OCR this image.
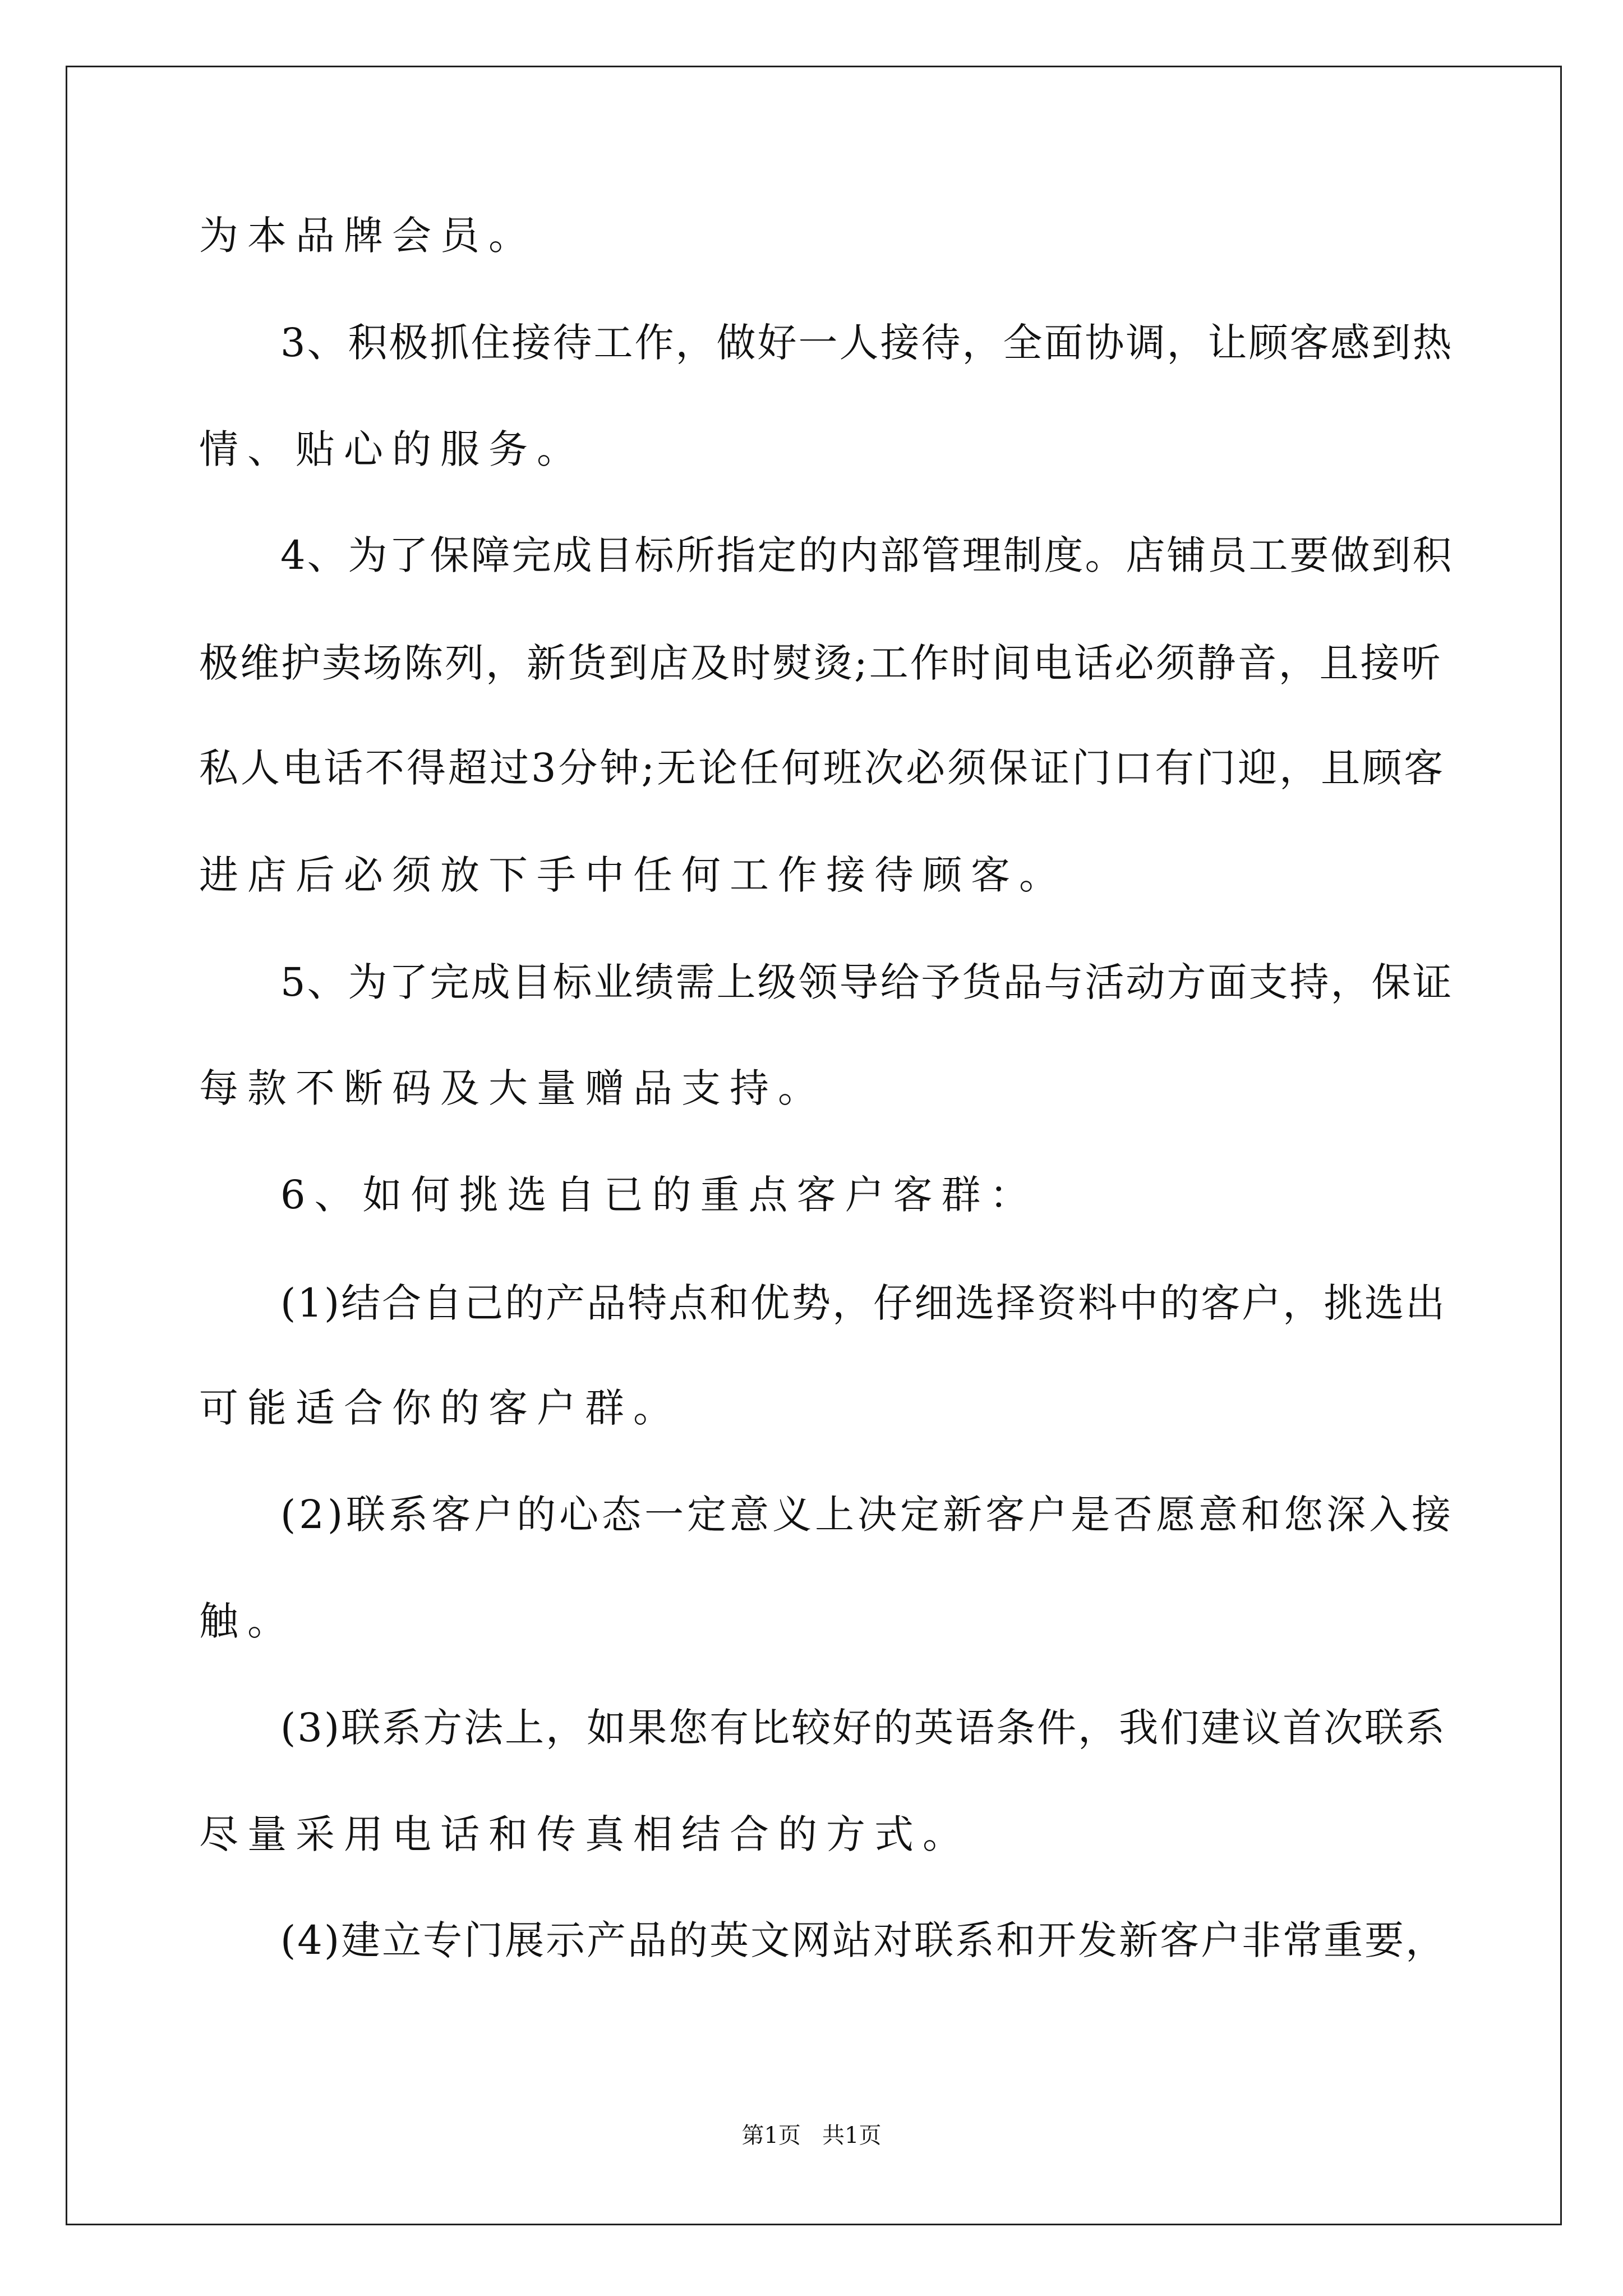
为本品牌会员。
3、积极抓住接待工作，做好一人接待，全面协调，让顾客感到热
情、贴心的服务。
4、为了保障完成目标所指定的内部管理制度。店铺员工要做到积
极维护卖场陈列，新货到店及时熨烫;工作时间电话必须静音，且接听
私人电话不得超过3分钟;无论任何班次必须保证门口有门迎，且顾客
进店后必须放下手中任何工作接待顾客。
5、为了完成目标业绩需上级领导给予货品与活动方面支持，保证
每款不断码及大量赠品支持。
6、如何挑选自已的重点客户客群：
(1)结合自己的产品特点和优势，仔细选择资料中的客户，挑选出
可能适合你的客户群。
(2)联系客户的心态一定意义上决定新客户是否愿意和您深入接
触。
(3)联系方法上，如果您有比较好的英语条件，我们建议首次联系
尽量采用电话和传真相结合的方式。
(4)建立专门展示产品的英文网站对联系和开发新客户非常重要，
第1页   共1页
